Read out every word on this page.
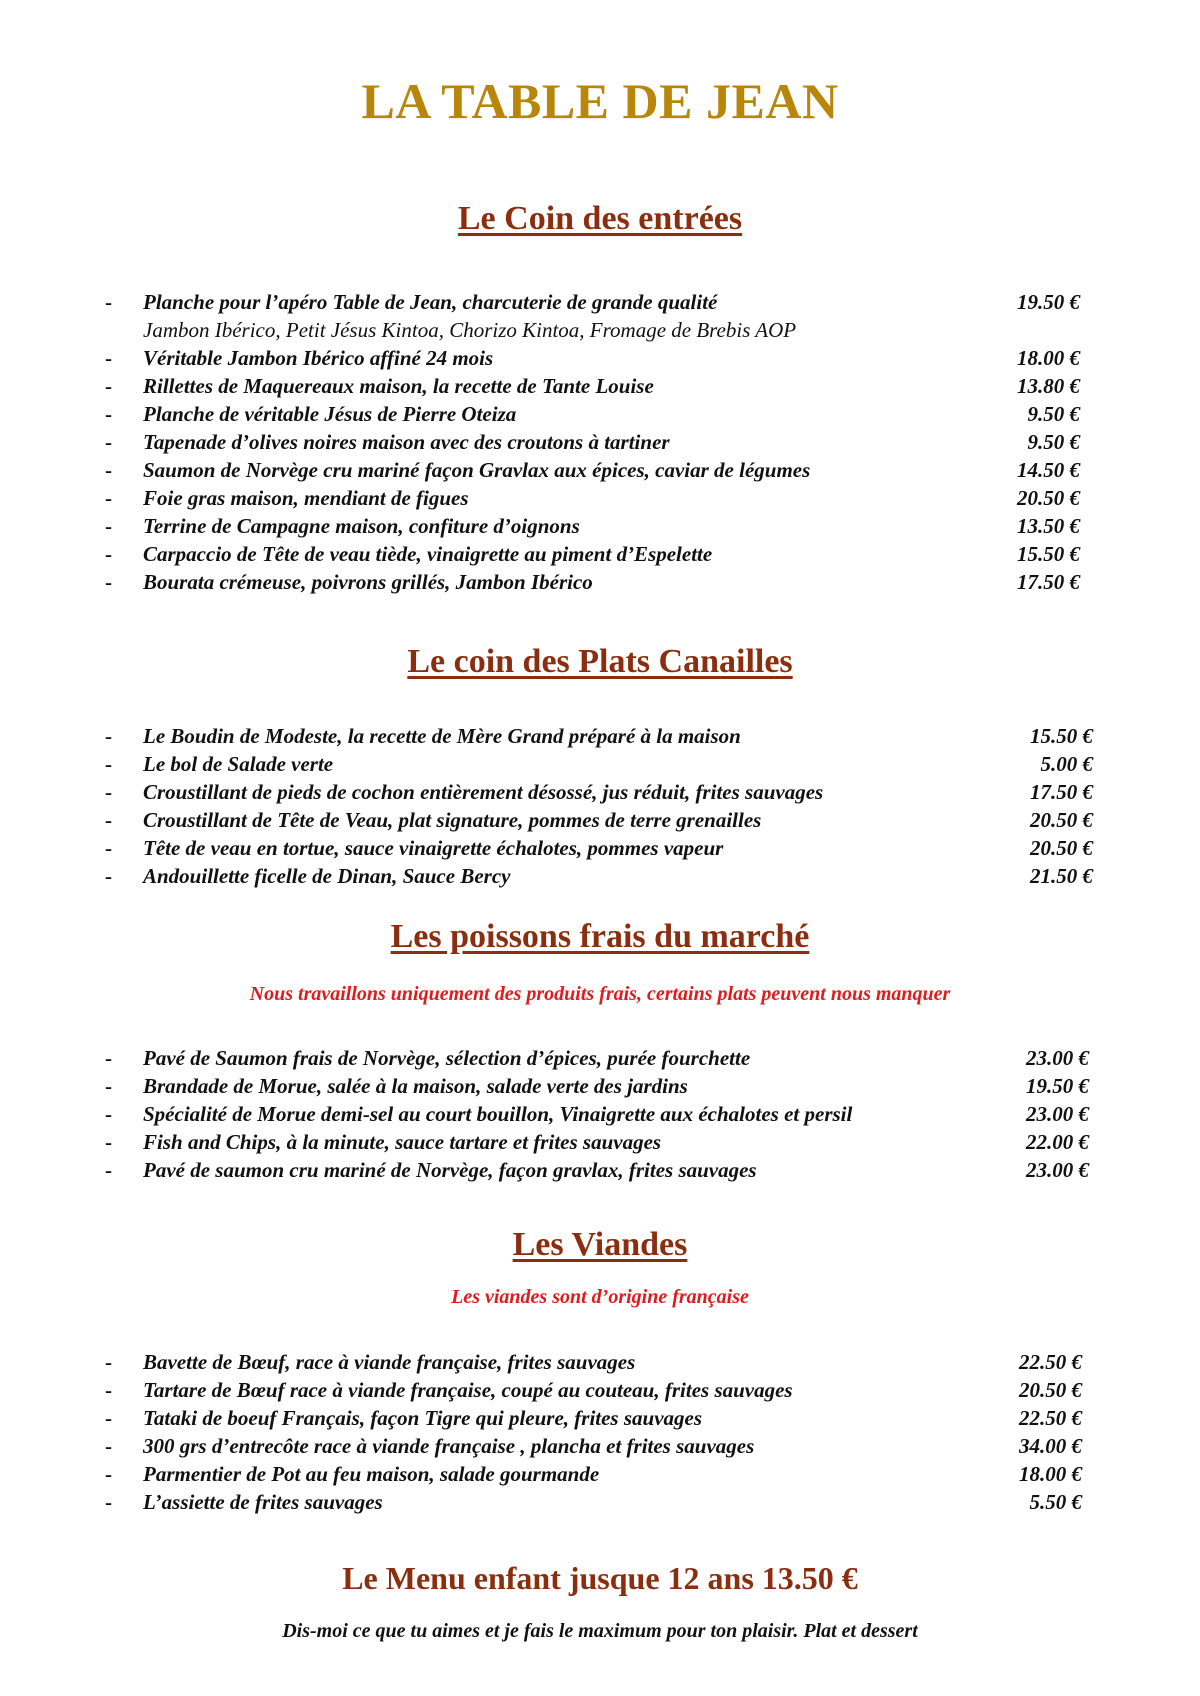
LA TABLE DE JEAN
Le Coin des entrées
- Planche pour l’apéro Table de Jean, charcuterie de grande qualité	19.50 €
Jambon Ibérico, Petit Jésus Kintoa, Chorizo Kintoa, Fromage de Brebis AOP
- Véritable Jambon Ibérico affiné 24 mois	18.00 €
- Rillettes de Maquereaux maison, la recette de Tante Louise	13.80 €
- Planche de véritable Jésus de Pierre Oteiza	9.50 €
- Tapenade d’olives noires maison avec des croutons à tartiner	9.50 €
- Saumon de Norvège cru mariné façon Gravlax aux épices, caviar de légumes	14.50 €
- Foie gras maison, mendiant de figues	20.50 €
- Terrine de Campagne maison, confiture d’oignons	13.50 €
- Carpaccio de Tête de veau tiède, vinaigrette au piment d’Espelette	15.50 €
- Bourata crémeuse, poivrons grillés, Jambon Ibérico	17.50 €
Le coin des Plats Canailles
- Le Boudin de Modeste, la recette de Mère Grand préparé à la maison	15.50 €
- Le bol de Salade verte	5.00 €
- Croustillant de pieds de cochon entièrement désossé, jus réduit, frites sauvages	17.50 €
- Croustillant de Tête de Veau, plat signature, pommes de terre grenailles	20.50 €
- Tête de veau en tortue, sauce vinaigrette échalotes, pommes vapeur	20.50 €
- Andouillette ficelle de Dinan, Sauce Bercy	21.50 €
Les poissons frais du marché

Nous travaillons uniquement des produits frais, certains plats peuvent nous manquer

- Pavé de Saumon frais de Norvège, sélection d’épices, purée fourchette	23.00 €
- Brandade de Morue, salée à la maison, salade verte des jardins	19.50 €
- Spécialité de Morue demi-sel au court bouillon, Vinaigrette aux échalotes et persil	23.00 €
- Fish and Chips, à la minute, sauce tartare et frites sauvages	22.00 €
- Pavé de saumon cru mariné de Norvège, façon gravlax, frites sauvages	23.00 €
Les Viandes

Les viandes sont d’origine française

- Bavette de Bœuf, race à viande française, frites sauvages	22.50 €
- Tartare de Bœuf race à viande française, coupé au couteau, frites sauvages	20.50 €
- Tataki de boeuf Français, façon Tigre qui pleure, frites sauvages	22.50 €
- 300 grs d’entrecôte race à viande française , plancha et frites sauvages	34.00 €
- Parmentier de Pot au feu maison, salade gourmande	18.00 €
- L’assiette de frites sauvages	5.50 €
Le Menu enfant jusque 12 ans 13.50 €

Dis-moi ce que tu aimes et je fais le maximum pour ton plaisir. Plat et dessert
